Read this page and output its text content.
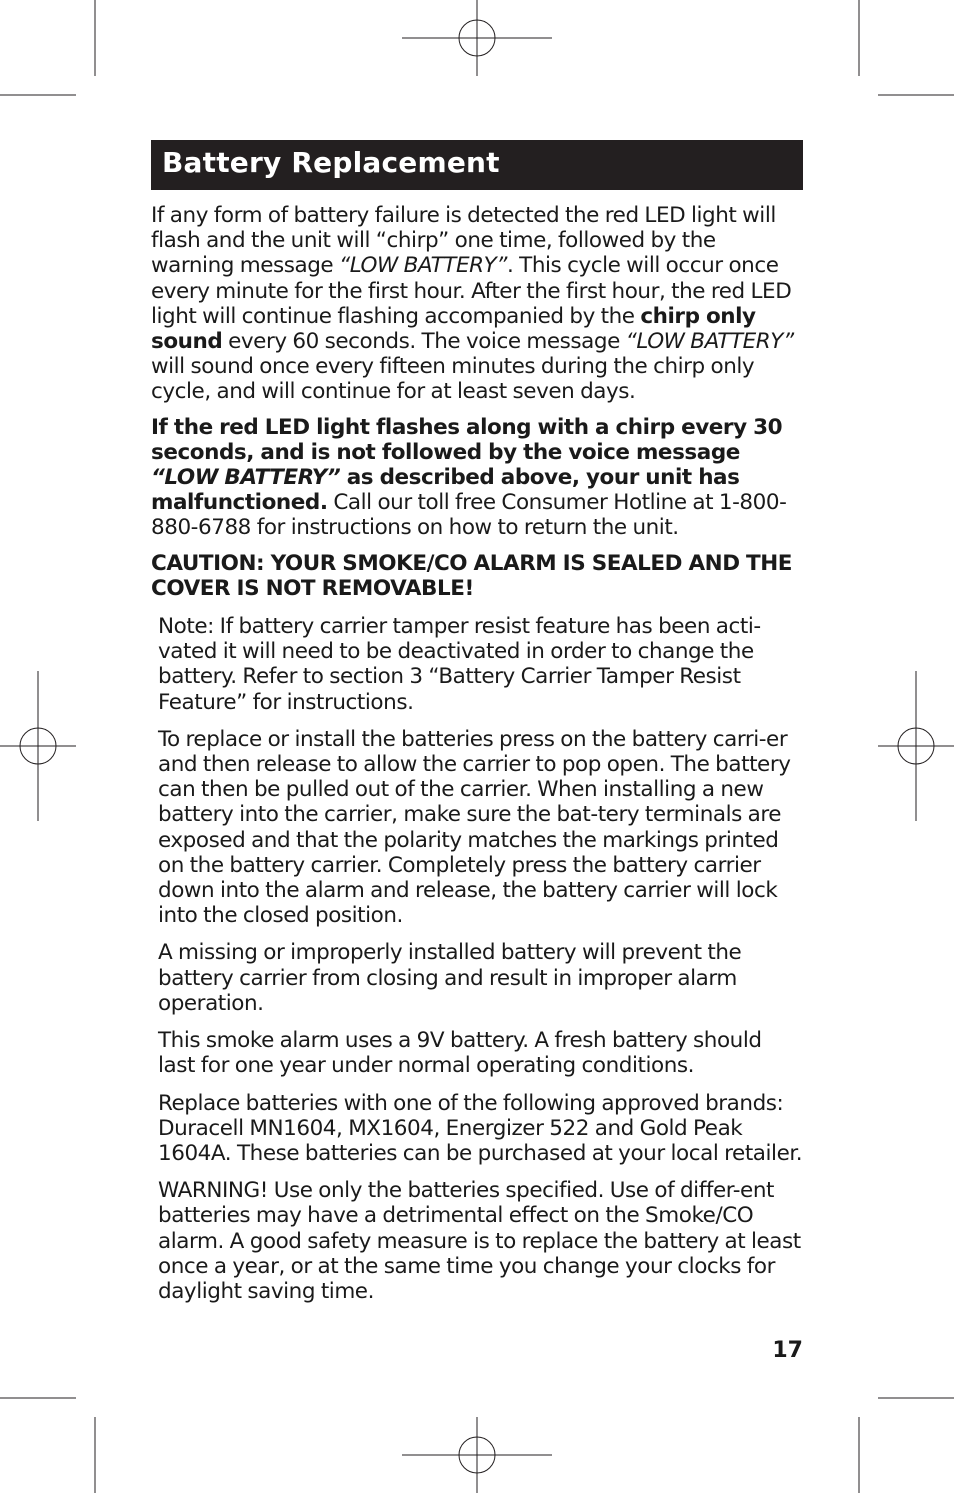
Battery Replacement

If any form of battery failure is detected the red LED light will flash and the unit will “chirp” one time, followed by the warning message “LOW BATTERY”. This cycle will occur once every minute for the first hour. After the first hour, the red LED light will continue flashing accompanied by the chirp only sound every 60 seconds. The voice message “LOW BATTERY” will sound once every fifteen minutes during the chirp only cycle, and will continue for at least seven days.

If the red LED light flashes along with a chirp every 30 seconds, and is not followed by the voice message “LOW BATTERY” as described above, your unit has malfunctioned. Call our toll free Consumer Hotline at 1-800-880-6788 for instructions on how to return the unit.

CAUTION: YOUR SMOKE/CO ALARM IS SEALED AND THE COVER IS NOT REMOVABLE!

Note: If battery carrier tamper resist feature has been acti-vated it will need to be deactivated in order to change the battery. Refer to section 3 “Battery Carrier Tamper Resist Feature” for instructions.

To replace or install the batteries press on the battery carri-er and then release to allow the carrier to pop open. The battery can then be pulled out of the carrier. When installing a new battery into the carrier, make sure the bat-tery terminals are exposed and that the polarity matches the markings printed on the battery carrier. Completely press the battery carrier down into the alarm and release, the battery carrier will lock into the closed position.

A missing or improperly installed battery will prevent the battery carrier from closing and result in improper alarm operation.

This smoke alarm uses a 9V battery. A fresh battery should last for one year under normal operating conditions.

Replace batteries with one of the following approved brands: Duracell MN1604, MX1604, Energizer 522 and Gold Peak 1604A. These batteries can be purchased at your local retailer.

WARNING! Use only the batteries specified. Use of differ-ent batteries may have a detrimental effect on the Smoke/CO alarm. A good safety measure is to replace the battery at least once a year, or at the same time you change your clocks for daylight saving time.

17
